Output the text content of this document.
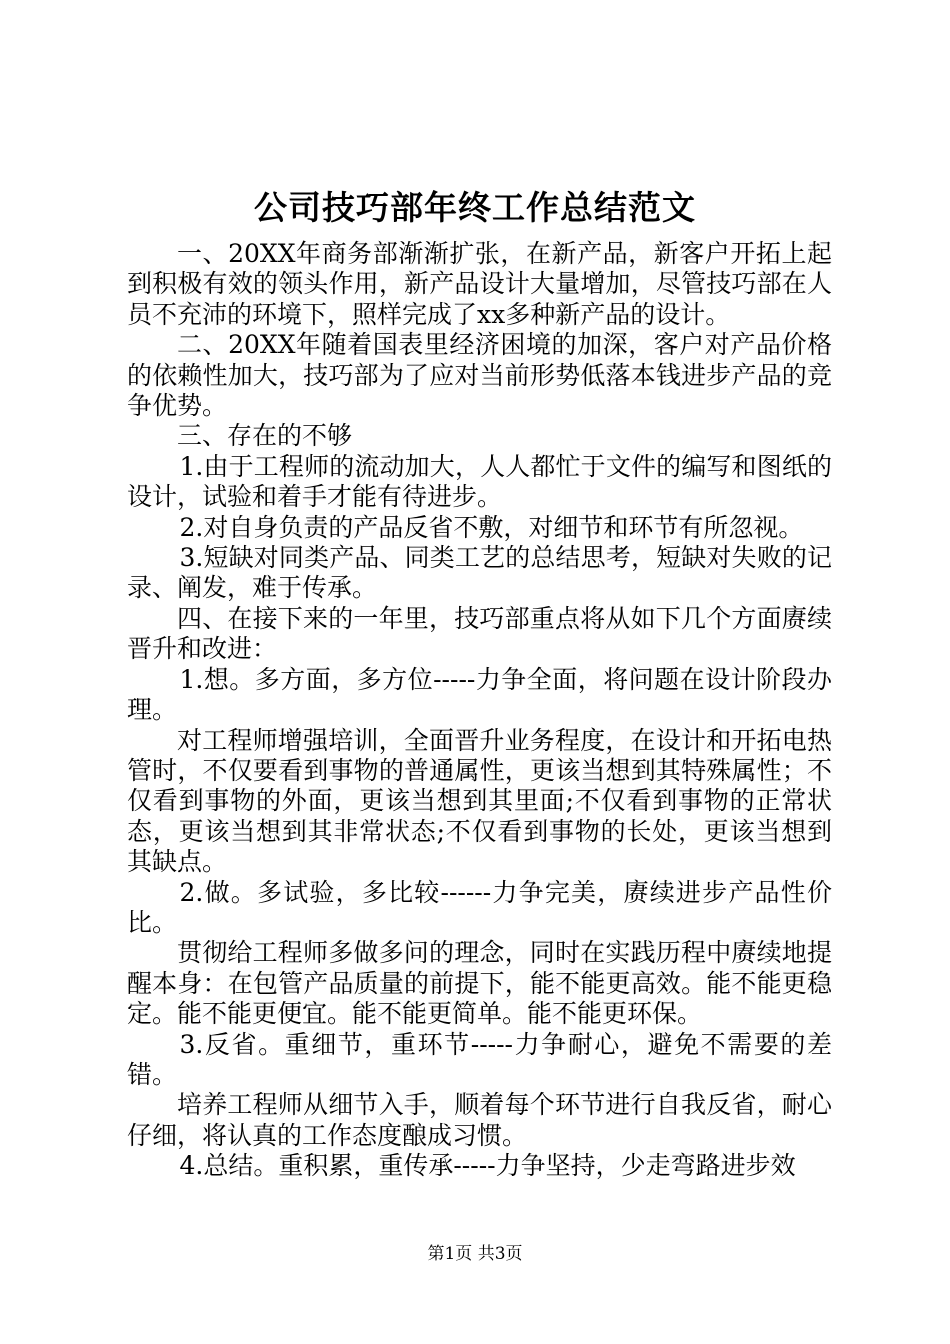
公司技巧部年终工作总结范文

一、20XX年商务部渐渐扩张，在新产品，新客户开拓上起到积极有效的领头作用，新产品设计大量增加，尽管技巧部在人员不充沛的环境下，照样完成了xx多种新产品的设计。

二、20XX年随着国表里经济困境的加深，客户对产品价格的依赖性加大，技巧部为了应对当前形势低落本钱进步产品的竞争优势。

三、存在的不够

1.由于工程师的流动加大，人人都忙于文件的编写和图纸的设计，试验和着手才能有待进步。

2.对自身负责的产品反省不敷，对细节和环节有所忽视。

3.短缺对同类产品、同类工艺的总结思考，短缺对失败的记录、阐发，难于传承。

四、在接下来的一年里，技巧部重点将从如下几个方面赓续晋升和改进：

1.想。多方面，多方位-----力争全面，将问题在设计阶段办理。

对工程师增强培训，全面晋升业务程度，在设计和开拓电热管时，不仅要看到事物的普通属性，更该当想到其特殊属性；不仅看到事物的外面，更该当想到其里面;不仅看到事物的正常状态，更该当想到其非常状态;不仅看到事物的长处，更该当想到其缺点。

2.做。多试验，多比较------力争完美，赓续进步产品性价比。

贯彻给工程师多做多问的理念，同时在实践历程中赓续地提醒本身：在包管产品质量的前提下，能不能更高效。能不能更稳定。能不能更便宜。能不能更简单。能不能更环保。

3.反省。重细节，重环节-----力争耐心，避免不需要的差错。

培养工程师从细节入手，顺着每个环节进行自我反省，耐心仔细，将认真的工作态度酿成习惯。

4.总结。重积累，重传承-----力争坚持，少走弯路进步效

第1页 共3页
